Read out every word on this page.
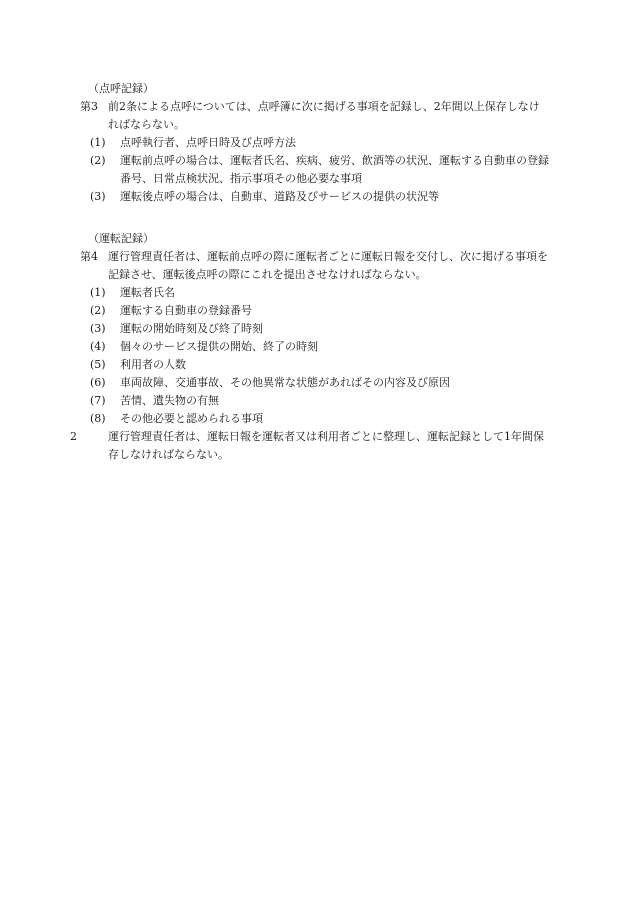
（点呼記録）

第3 前2条による点呼については、点呼簿に次に掲げる事項を記録し、2年間以上保存しなければならない。

(1)	点呼執行者、点呼日時及び点呼方法
(2)	運転前点呼の場合は、運転者氏名、疾病、疲労、飲酒等の状況、運転する自動車の登録番号、日常点検状況、指示事項その他必要な事項
(3)	運転後点呼の場合は、自動車、道路及びサービスの提供の状況等

（運転記録）

第4 運行管理責任者は、運転前点呼の際に運転者ごとに運転日報を交付し、次に掲げる事項を記録させ、運転後点呼の際にこれを提出させなければならない。

(1)	運転者氏名
(2)	運転する自動車の登録番号
(3)	運転の開始時刻及び終了時刻
(4)	個々のサービス提供の開始、終了の時刻
(5)	利用者の人数
(6)	車両故障、交通事故、その他異常な状態があればその内容及び原因
(7)	苦情、遺失物の有無
(8)	その他必要と認められる事項

2	運行管理責任者は、運転日報を運転者又は利用者ごとに整理し、運転記録として1年間保存しなければならない。
